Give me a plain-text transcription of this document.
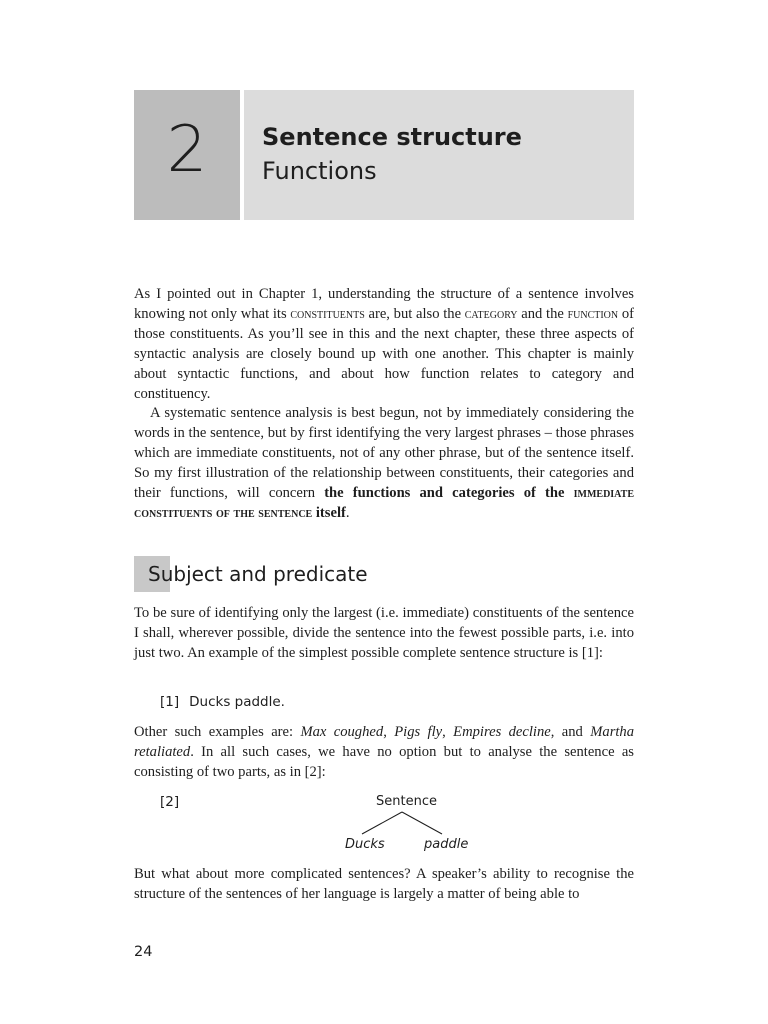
2	Sentence structure
Functions

As I pointed out in Chapter 1, understanding the structure of a sentence involves knowing not only what its constituents are, but also the category and the function of those constituents. As you’ll see in this and the next chapter, these three aspects of syntactic analysis are closely bound up with one another. This chapter is mainly about syntactic functions, and about how function relates to category and constituency.

A systematic sentence analysis is best begun, not by immediately considering the words in the sentence, but by first identifying the very largest phrases – those phrases which are immediate constituents, not of any other phrase, but of the sentence itself. So my first illustration of the relationship between constituents, their categories and their functions, will concern the functions and categories of the immediate constituents of the sentence itself.

Subject and predicate

To be sure of identifying only the largest (i.e. immediate) constituents of the sentence I shall, wherever possible, divide the sentence into the fewest possible parts, i.e. into just two. An example of the simplest possible complete sentence structure is [1]:

[1] Ducks paddle.

Other such examples are: Max coughed, Pigs fly, Empires decline, and Martha retaliated. In all such cases, we have no option but to analyse the sentence as consisting of two parts, as in [2]:

[2]	Sentence
Ducks	paddle

But what about more complicated sentences? A speaker’s ability to recognise the structure of the sentences of her language is largely a matter of being able to

24
